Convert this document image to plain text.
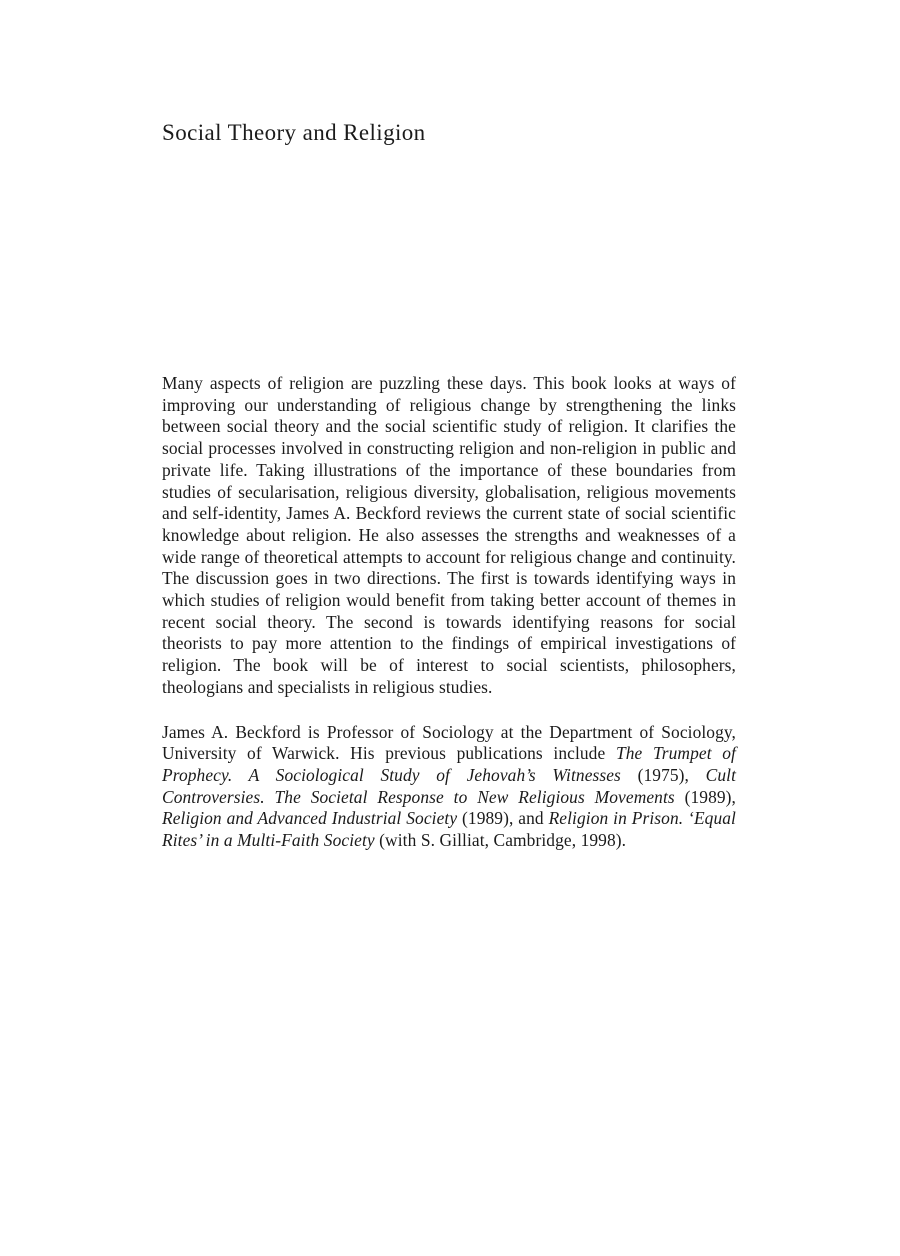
Social Theory and Religion

Many aspects of religion are puzzling these days. This book looks at ways of improving our understanding of religious change by strengthening the links between social theory and the social scientific study of religion. It clarifies the social processes involved in constructing religion and non-religion in public and private life. Taking illustrations of the importance of these boundaries from studies of secularisation, religious diversity, globalisation, religious movements and self-identity, James A. Beckford reviews the current state of social scientific knowledge about religion. He also assesses the strengths and weaknesses of a wide range of theoretical attempts to account for religious change and continuity. The discussion goes in two directions. The first is towards identifying ways in which studies of religion would benefit from taking better account of themes in recent social theory. The second is towards identifying reasons for social theorists to pay more attention to the findings of empirical investigations of religion. The book will be of interest to social scientists, philosophers, theologians and specialists in religious studies.

James A. Beckford is Professor of Sociology at the Department of Sociology, University of Warwick. His previous publications include The Trumpet of Prophecy. A Sociological Study of Jehovah’s Witnesses (1975), Cult Controversies. The Societal Response to New Religious Movements (1989), Religion and Advanced Industrial Society (1989), and Religion in Prison. ‘Equal Rites’ in a Multi-Faith Society (with S. Gilliat, Cambridge, 1998).
